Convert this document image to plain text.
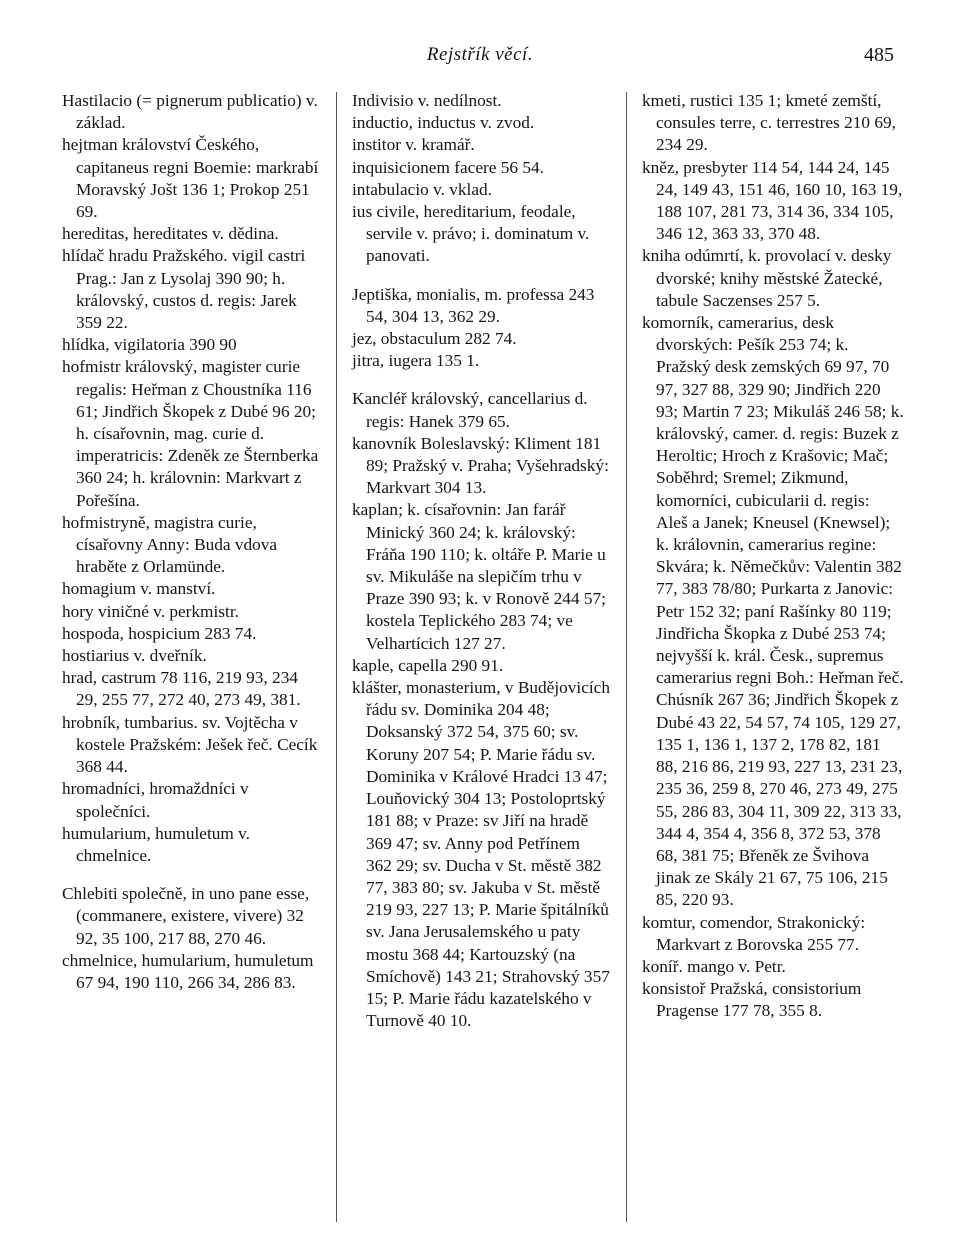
Rejstřík věcí.	485

Hastilacio (= pignerum publicatio) v. základ.

hejtman království Českého, capitaneus regni Boemie: markrabí Moravský Jošt 136 1; Prokop 251 69.

hereditas, hereditates v. dědina.

hlídač hradu Pražského. vigil castri Prag.: Jan z Lysolaj 390 90; h. královský, custos d. regis: Jarek 359 22.

hlídka, vigilatoria 390 90

hofmistr královský, magister curie regalis: Heřman z Choustníka 116 61; Jindřich Škopek z Dubé 96 20; h. císařovnin, mag. curie d. imperatricis: Zdeněk ze Šternberka 360 24; h. královnin: Markvart z Pořešína.

hofmistryně, magistra curie, císařovny Anny: Buda vdova hraběte z Orlamünde.

homagium v. manství.

hory viničné v. perkmistr.

hospoda, hospicium 283 74.

hostiarius v. dveřník.

hrad, castrum 78 116, 219 93, 234 29, 255 77, 272 40, 273 49, 381.

hrobník, tumbarius. sv. Vojtěcha v kostele Pražském: Ješek řeč. Cecík 368 44.

hromadníci, hromaždníci v společníci.

humularium, humuletum v. chmelnice.

Chlebiti společně, in uno pane esse, (commanere, existere, vivere) 32 92, 35 100, 217 88, 270 46.

chmelnice, humularium, humuletum 67 94, 190 110, 266 34, 286 83.

Indivisio v. nedílnost.

inductio, inductus v. zvod.

institor v. kramář.

inquisicionem facere 56 54.

intabulacio v. vklad.

ius civile, hereditarium, feodale, servile v. právo; i. dominatum v. panovati.

Jeptiška, monialis, m. professa 243 54, 304 13, 362 29.

jez, obstaculum 282 74.

jitra, iugera 135 1.

Kancléř královský, cancellarius d. regis: Hanek 379 65.

kanovník Boleslavský: Kliment 181 89; Pražský v. Praha; Vyšehradský: Markvart 304 13.

kaplan; k. císařovnin: Jan farář Minický 360 24; k. královský: Fráňa 190 110; k. oltáře P. Marie u sv. Mikuláše na slepičím trhu v Praze 390 93; k. v Ronově 244 57; kostela Teplického 283 74; ve Velhartícich 127 27.

kaple, capella 290 91.

klášter, monasterium, v Budějovicích řádu sv. Dominika 204 48; Doksanský 372 54, 375 60; sv. Koruny 207 54; P. Marie řádu sv. Dominika v Králové Hradci 13 47; Louňovický 304 13; Postoloprtský 181 88; v Praze: sv Jiří na hradě 369 47; sv. Anny pod Petřínem 362 29; sv. Ducha v St. městě 382 77, 383 80; sv. Jakuba v St. městě 219 93, 227 13; P. Marie špitálníků sv. Jana Jerusalemského u paty mostu 368 44; Kartouzský (na Smíchově) 143 21; Strahovský 357 15; P. Marie řádu kazatelského v Turnově 40 10.

kmeti, rustici 135 1; kmeté zemští, consules terre, c. terrestres 210 69, 234 29.

kněz, presbyter 114 54, 144 24, 145 24, 149 43, 151 46, 160 10, 163 19, 188 107, 281 73, 314 36, 334 105, 346 12, 363 33, 370 48.

kniha odúmrtí, k. provolací v. desky dvorské; knihy městské Žatecké, tabule Saczenses 257 5.

komorník, camerarius, desk dvorských: Pešík 253 74; k. Pražský desk zemských 69 97, 70 97, 327 88, 329 90; Jindřich 220 93; Martin 7 23; Mikuláš 246 58; k. královský, camer. d. regis: Buzek z Heroltic; Hroch z Krašovic; Mač; Soběhrd; Sremel; Zikmund, komorníci, cubicularii d. regis: Aleš a Janek; Kneusel (Knewsel); k. královnin, camerarius regine: Skvára; k. Němečkův: Valentin 382 77, 383 78/80; Purkarta z Janovic: Petr 152 32; paní Rašínky 80 119; Jindřicha Škopka z Dubé 253 74; nejvyšší k. král. Česk., supremus camerarius regni Boh.: Heřman řeč. Chúsník 267 36; Jindřich Škopek z Dubé 43 22, 54 57, 74 105, 129 27, 135 1, 136 1, 137 2, 178 82, 181 88, 216 86, 219 93, 227 13, 231 23, 235 36, 259 8, 270 46, 273 49, 275 55, 286 83, 304 11, 309 22, 313 33, 344 4, 354 4, 356 8, 372 53, 378 68, 381 75; Břeněk ze Švihova jinak ze Skály 21 67, 75 106, 215 85, 220 93.

komtur, comendor, Strakonický: Markvart z Borovska 255 77.

koníř. mango v. Petr.

konsistoř Pražská, consistorium Pragense 177 78, 355 8.
